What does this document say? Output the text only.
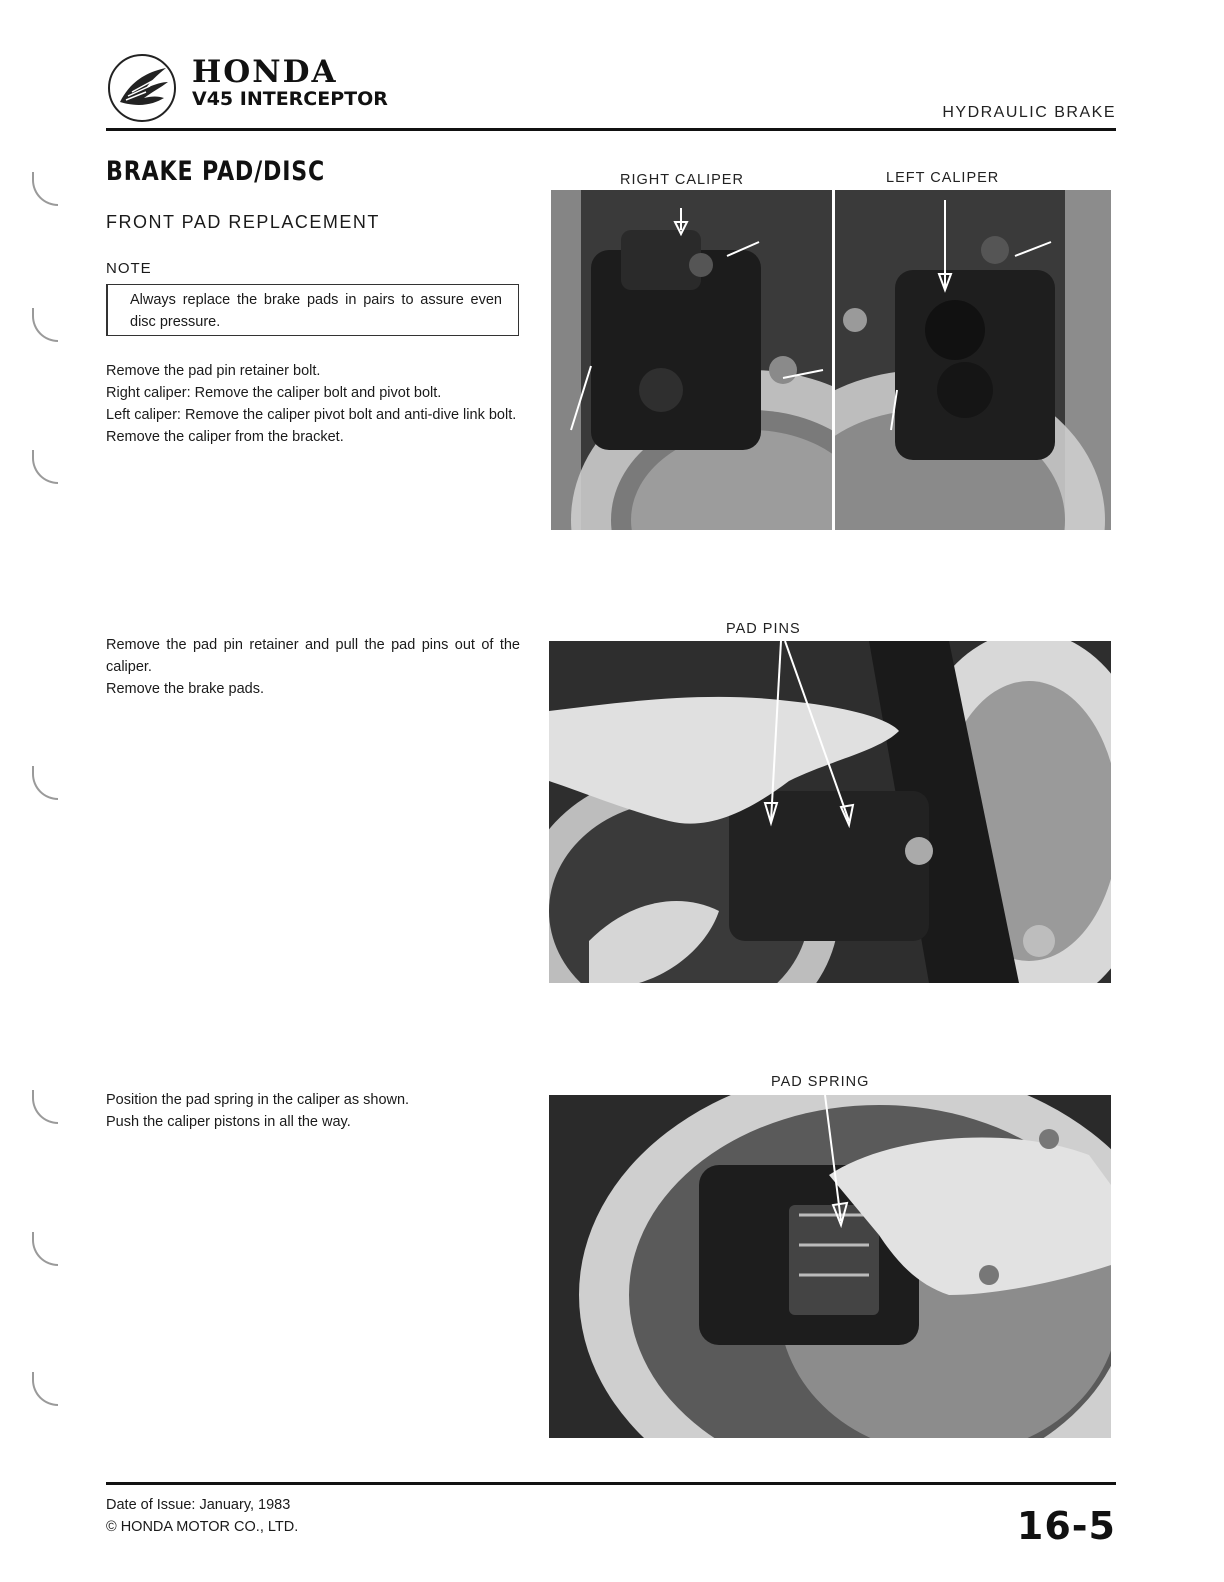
HONDA
V45 INTERCEPTOR
HYDRAULIC BRAKE
BRAKE PAD/DISC
FRONT PAD REPLACEMENT
NOTE
Always replace the brake pads in pairs to assure even disc pressure.

Remove the pad pin retainer bolt.

Right caliper: Remove the caliper bolt and pivot bolt.

Left caliper: Remove the caliper pivot bolt and anti-dive link bolt.

Remove the caliper from the bracket.

RIGHT CALIPER	LEFT CALIPER

Remove the pad pin retainer and pull the pad pins out of the caliper.

Remove the brake pads.

PAD PINS

Position the pad spring in the caliper as shown.

Push the caliper pistons in all the way.

PAD SPRING
Date of Issue: January, 1983
© HONDA MOTOR CO., LTD.	16-5
